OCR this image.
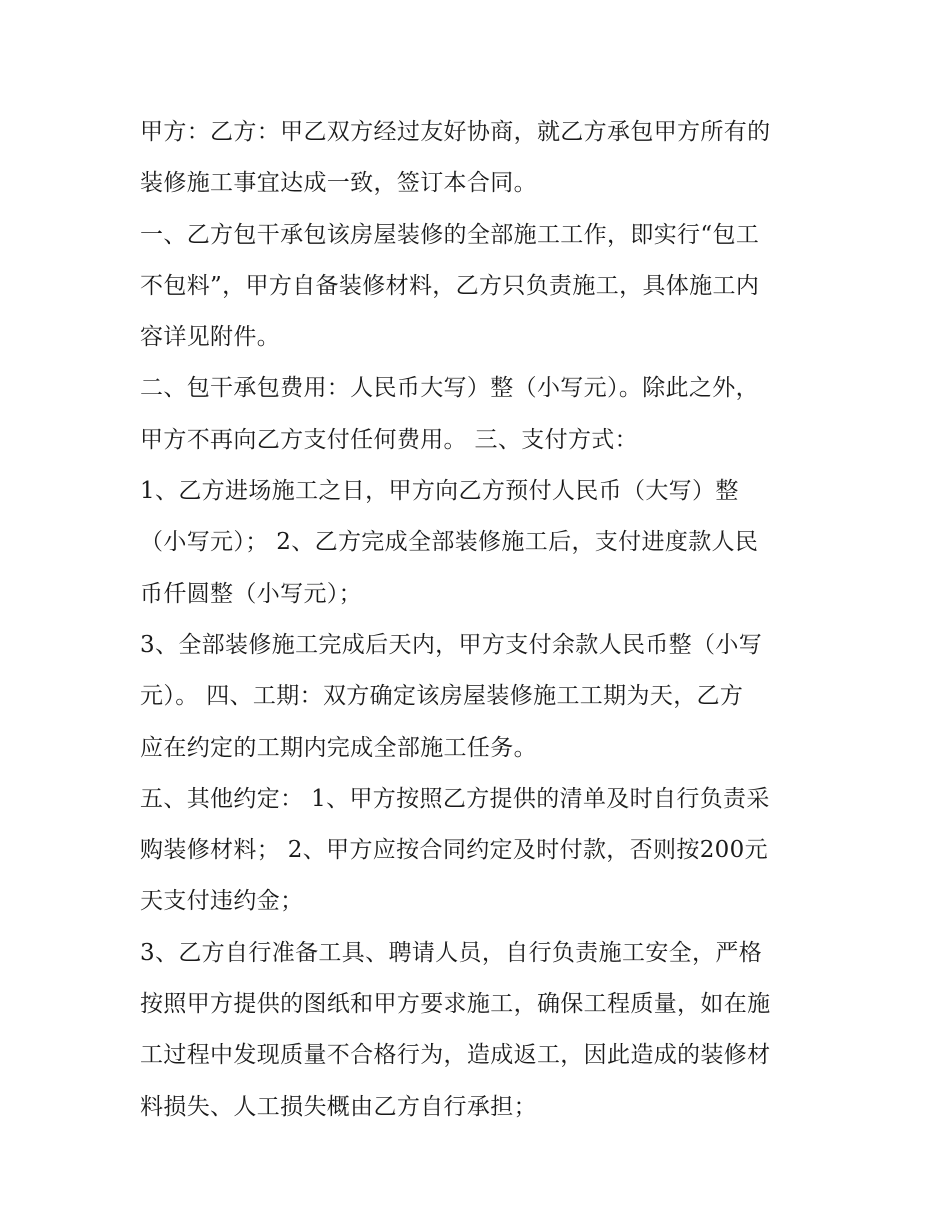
甲方：乙方：甲乙双方经过友好协商，就乙方承包甲方所有的
装修施工事宜达成一致，签订本合同。
一、乙方包干承包该房屋装修的全部施工工作，即实行“包工
不包料”，甲方自备装修材料，乙方只负责施工，具体施工内
容详见附件。
二、包干承包费用：人民币大写）整（小写元）。除此之外，
甲方不再向乙方支付任何费用。 三、支付方式：
1、乙方进场施工之日，甲方向乙方预付人民币（大写）整
（小写元）； 2、乙方完成全部装修施工后，支付进度款人民
币仟圆整（小写元）；
3、全部装修施工完成后天内，甲方支付余款人民币整（小写
元）。 四、工期：双方确定该房屋装修施工工期为天，乙方
应在约定的工期内完成全部施工任务。
五、其他约定： 1、甲方按照乙方提供的清单及时自行负责采
购装修材料； 2、甲方应按合同约定及时付款，否则按200元
天支付违约金；
3、乙方自行准备工具、聘请人员，自行负责施工安全，严格
按照甲方提供的图纸和甲方要求施工，确保工程质量，如在施
工过程中发现质量不合格行为，造成返工，因此造成的装修材
料损失、人工损失概由乙方自行承担；
